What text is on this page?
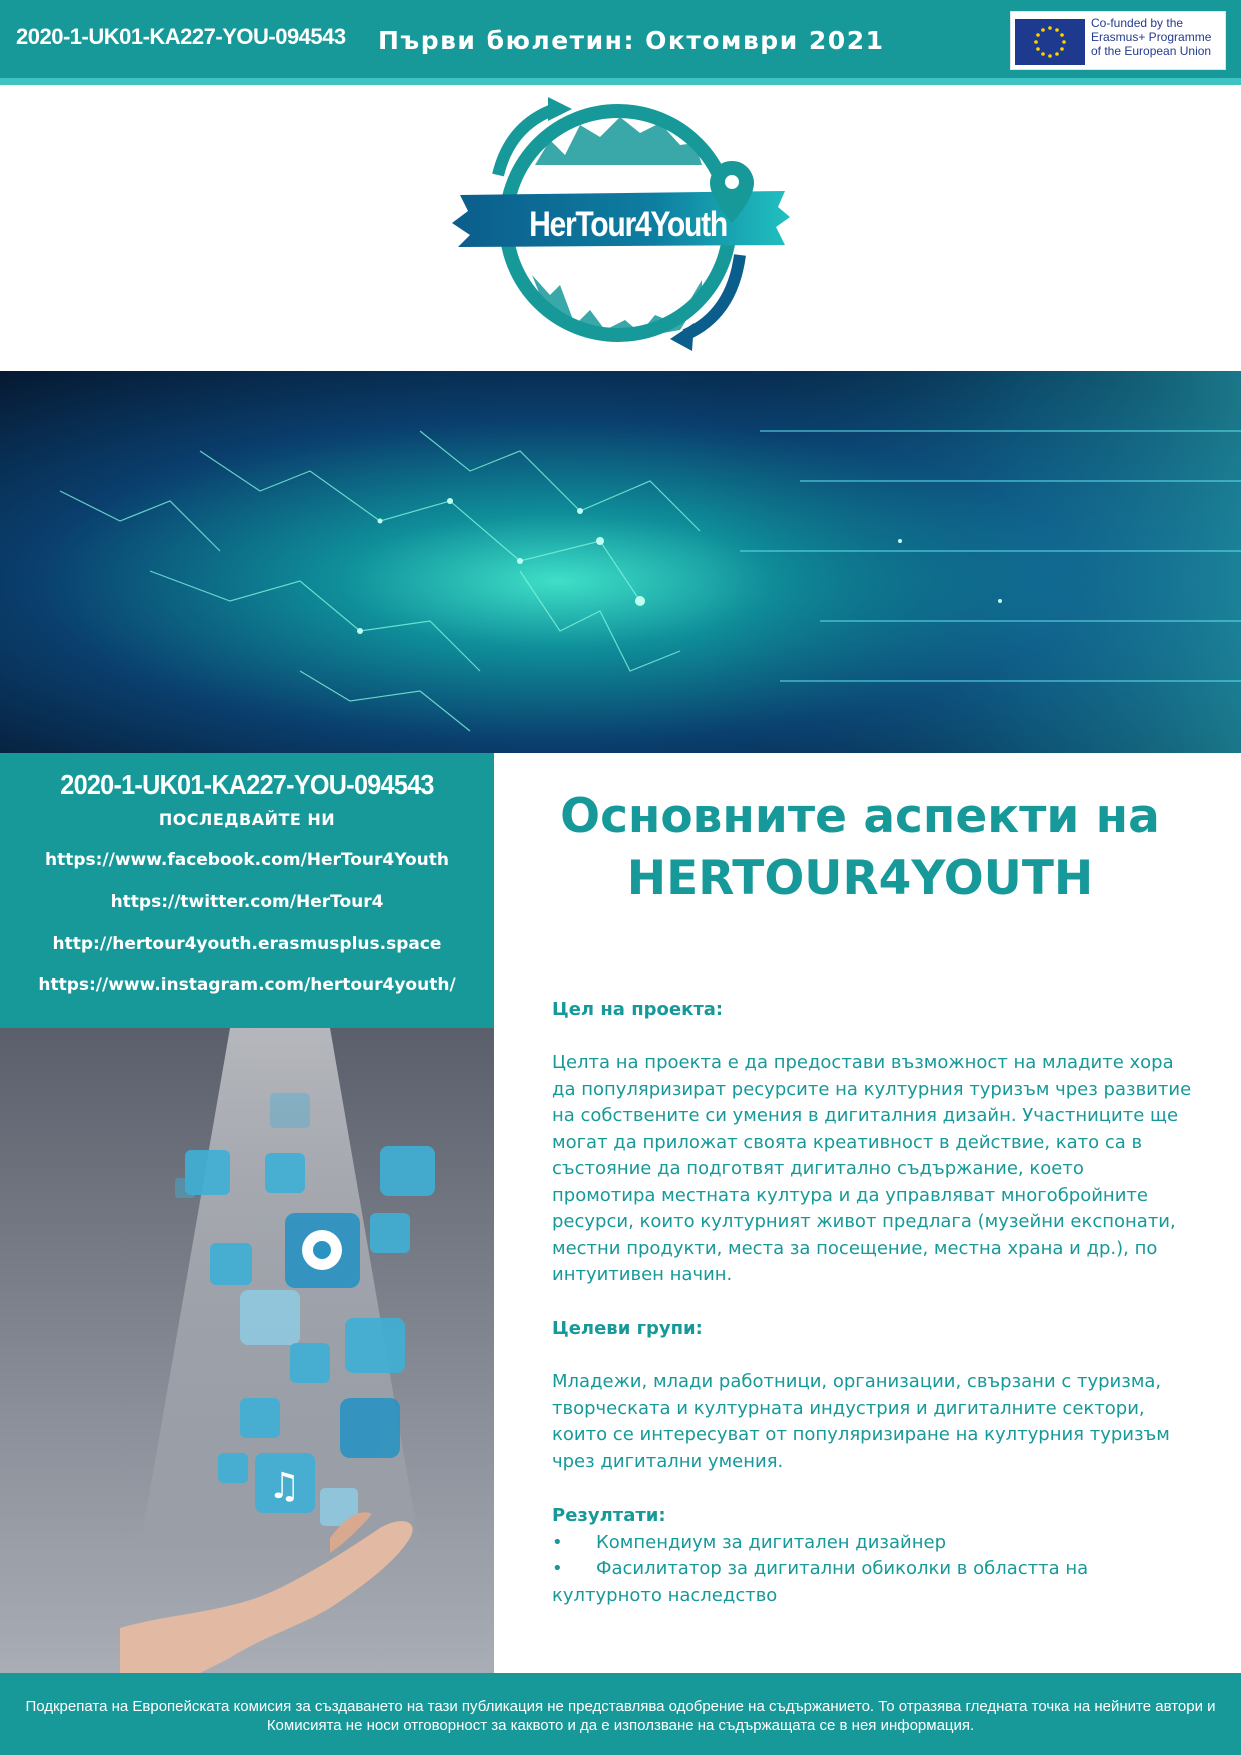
2020-1-UK01-KA227-YOU-094543 Първи бюлетин: Октомври 2021
Co-funded by the
Erasmus+ Programme
of the European Union
HerTour4Youth
2020-1-UK01-KA227-YOU-094543
ПОСЛЕДВАЙТЕ НИ
https://www.facebook.com/HerTour4Youth
https://twitter.com/HerTour4
http://hertour4youth.erasmusplus.space
https://www.instagram.com/hertour4youth/
♫
Основните аспекти на
HERTOUR4YOUTH
Цел на проекта:
Целта на проекта е да предостави възможност на младите хора да популяризират ресурсите на културния туризъм чрез развитие на собствените си умения в дигиталния дизайн. Участниците ще могат да приложат своята креативност в действие, като са в състояние да подготвят дигитално съдържание, което промотира местната култура и да управляват многобройните ресурси, които културният живот предлага (музейни експонати, местни продукти, места за посещение, местна храна и др.), по интуитивен начин.
Целеви групи:
Младежи, млади работници, организации, свързани с туризма, творческата и културната индустрия и дигиталните сектори, които се интересуват от популяризиране на културния туризъм чрез дигитални умения.
Резултати:
• Компендиум за дигитален дизайнер
• Фасилитатор за дигитални обиколки в областта на културното наследство
Подкрепата на Европейската комисия за създаването на тази публикация не представлява одобрение на съдържанието. То отразява гледната точка на нейните автори и Комисията не носи отговорност за каквото и да е използване на съдържащата се в нея информация.
